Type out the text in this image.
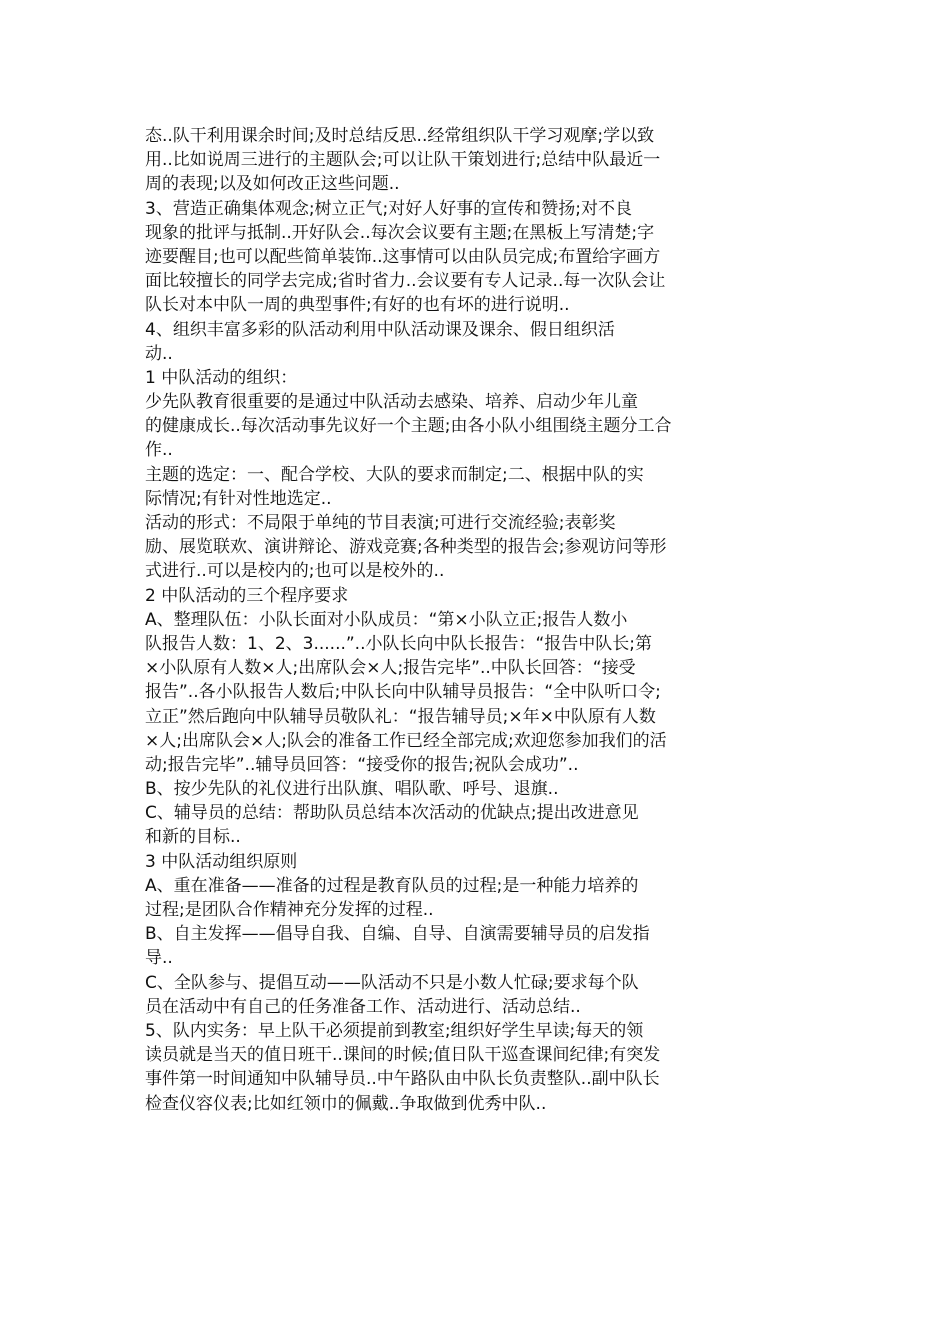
态..队干利用课余时间;及时总结反思..经常组织队干学习观摩;学以致
用..比如说周三进行的主题队会;可以让队干策划进行;总结中队最近一
周的表现;以及如何改正这些问题..
3、营造正确集体观念;树立正气;对好人好事的宣传和赞扬;对不良
现象的批评与抵制..开好队会..每次会议要有主题;在黑板上写清楚;字
迹要醒目;也可以配些简单装饰..这事情可以由队员完成;布置给字画方
面比较擅长的同学去完成;省时省力..会议要有专人记录..每一次队会让
队长对本中队一周的典型事件;有好的也有坏的进行说明..
4、组织丰富多彩的队活动利用中队活动课及课余、假日组织活
动..
1 中队活动的组织：
少先队教育很重要的是通过中队活动去感染、培养、启动少年儿童
的健康成长..每次活动事先议好一个主题;由各小队小组围绕主题分工合
作..
主题的选定：一、配合学校、大队的要求而制定;二、根据中队的实
际情况;有针对性地选定..
活动的形式：不局限于单纯的节目表演;可进行交流经验;表彰奖
励、展览联欢、演讲辩论、游戏竞赛;各种类型的报告会;参观访问等形
式进行..可以是校内的;也可以是校外的..
2 中队活动的三个程序要求
A、整理队伍：小队长面对小队成员：“第×小队立正;报告人数小
队报告人数：1、2、3......”..小队长向中队长报告：“报告中队长;第
×小队原有人数×人;出席队会×人;报告完毕”..中队长回答：“接受
报告”..各小队报告人数后;中队长向中队辅导员报告：“全中队听口令;
立正”然后跑向中队辅导员敬队礼：“报告辅导员;×年×中队原有人数
×人;出席队会×人;队会的准备工作已经全部完成;欢迎您参加我们的活
动;报告完毕”..辅导员回答：“接受你的报告;祝队会成功”..
B、按少先队的礼仪进行出队旗、唱队歌、呼号、退旗..
C、辅导员的总结：帮助队员总结本次活动的优缺点;提出改进意见
和新的目标..
3 中队活动组织原则
A、重在准备——准备的过程是教育队员的过程;是一种能力培养的
过程;是团队合作精神充分发挥的过程..
B、自主发挥——倡导自我、自编、自导、自演需要辅导员的启发指
导..
C、全队参与、提倡互动——队活动不只是小数人忙碌;要求每个队
员在活动中有自己的任务准备工作、活动进行、活动总结..
5、队内实务：早上队干必须提前到教室;组织好学生早读;每天的领
读员就是当天的值日班干..课间的时候;值日队干巡查课间纪律;有突发
事件第一时间通知中队辅导员..中午路队由中队长负责整队..副中队长
检查仪容仪表;比如红领巾的佩戴..争取做到优秀中队..
